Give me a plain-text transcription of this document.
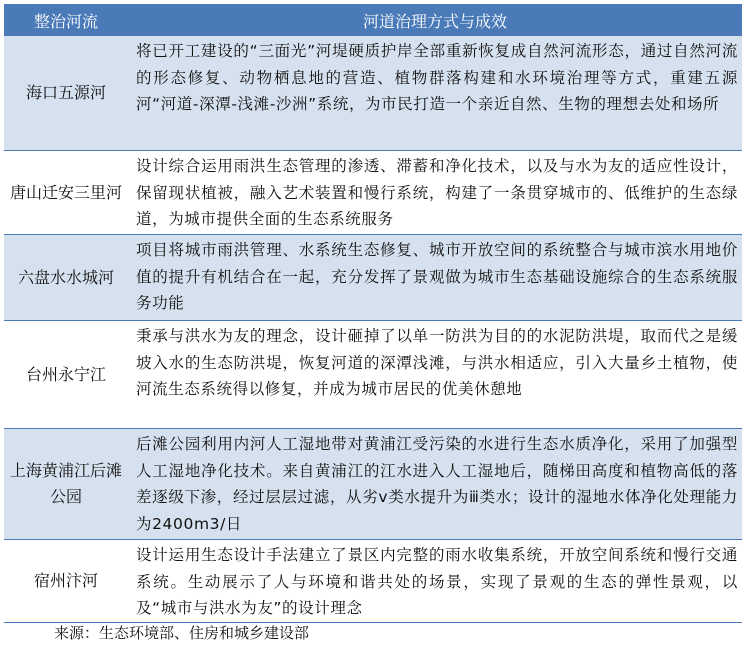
整治河流	河道治理方式与成效
海口五源河
将已开工建设的“三面光”河堤硬质护岸全部重新恢复成自然河流形态，通过自然河流的形态修复、动物栖息地的营造、植物群落构建和水环境治理等方式，重建五源河“河道-深潭-浅滩-沙洲”系统，为市民打造一个亲近自然、生物的理想去处和场所
唐山迁安三里河
设计综合运用雨洪生态管理的渗透、滞蓄和净化技术，以及与水为友的适应性设计，保留现状植被，融入艺术装置和慢行系统，构建了一条贯穿城市的、低维护的生态绿道，为城市提供全面的生态系统服务
六盘水水城河
项目将城市雨洪管理、水系统生态修复、城市开放空间的系统整合与城市滨水用地价值的提升有机结合在一起，充分发挥了景观做为城市生态基础设施综合的生态系统服务功能
台州永宁江
秉承与洪水为友的理念，设计砸掉了以单一防洪为目的的水泥防洪堤，取而代之是缓坡入水的生态防洪堤，恢复河道的深潭浅滩，与洪水相适应，引入大量乡土植物，使河流生态系统得以修复，并成为城市居民的优美休憩地
上海黄浦江后滩公园
后滩公园利用内河人工湿地带对黄浦江受污染的水进行生态水质净化，采用了加强型人工湿地净化技术。来自黄浦江的江水进入人工湿地后，随梯田高度和植物高低的落差逐级下渗，经过层层过滤，从劣ⅴ类水提升为ⅲ类水；设计的湿地水体净化处理能力为2400m3/日
宿州汴河
设计运用生态设计手法建立了景区内完整的雨水收集系统，开放空间系统和慢行交通系统。生动展示了人与环境和谐共处的场景，实现了景观的生态的弹性景观，以及“城市与洪水为友”的设计理念
来源：生态环境部、住房和城乡建设部
